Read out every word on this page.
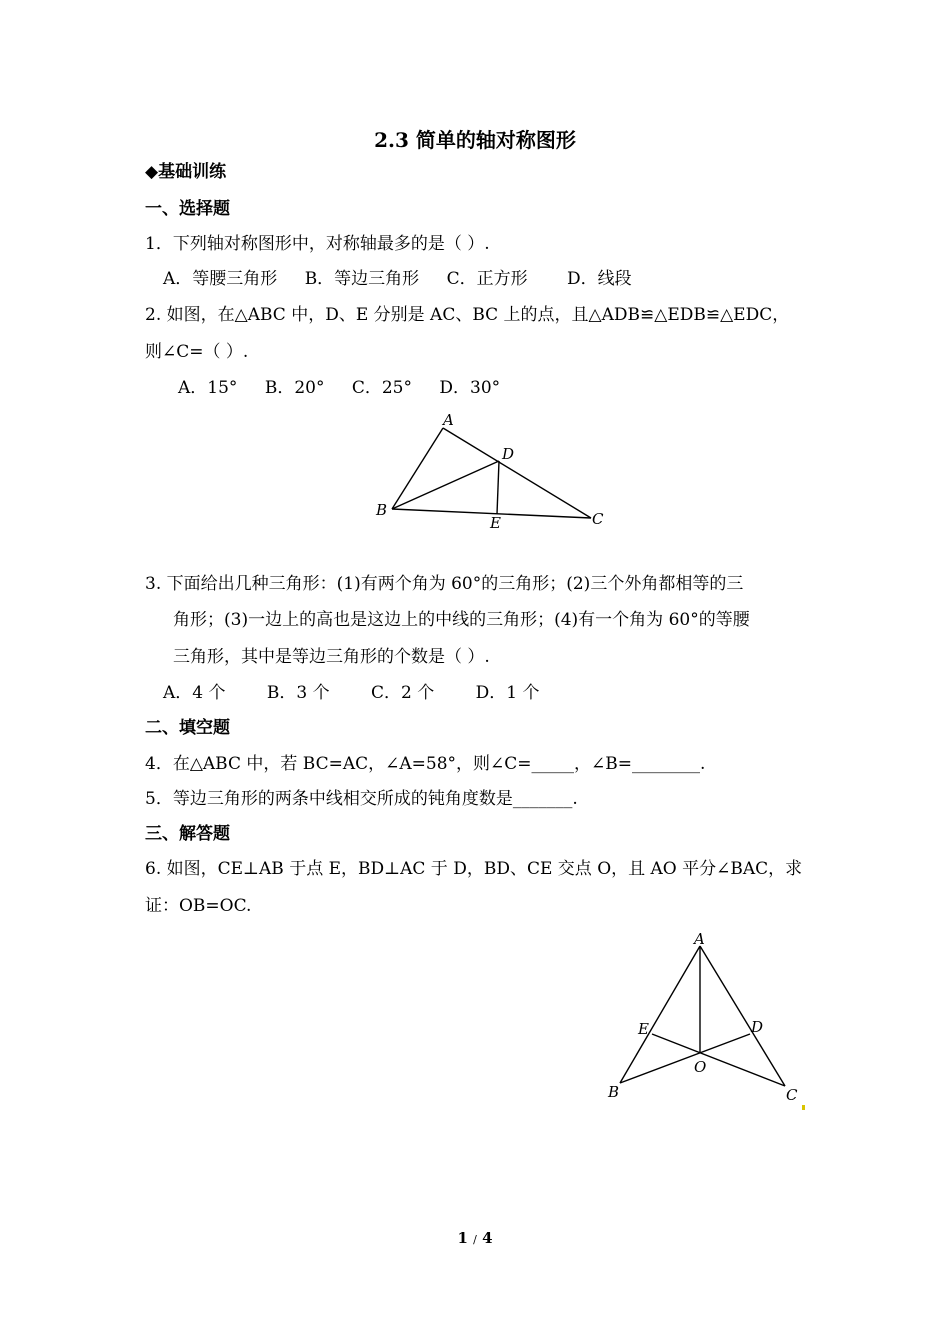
2.3 简单的轴对称图形
◆基础训练
一、选择题
1．下列轴对称图形中，对称轴最多的是（ ）.
A．等腰三角形 B．等边三角形 C．正方形 D．线段
2. 如图，在△ABC 中，D、E 分别是 AC、BC 上的点，且△ADB≌△EDB≌△EDC，
则∠C=（ ）.
A．15° B．20° C．25° D．30°
A
B	C
D
E
3. 下面给出几种三角形：(1)有两个角为 60°的三角形；(2)三个外角都相等的三
角形；(3)一边上的高也是这边上的中线的三角形；(4)有一个角为 60°的等腰
三角形，其中是等边三角形的个数是（ ）.
A．4 个 B．3 个 C．2 个 D．1 个
二、填空题
4．在△ABC 中，若 BC=AC，∠A=58°，则∠C=_____，∠B=________.
5．等边三角形的两条中线相交所成的钝角度数是_______.
三、解答题
6. 如图，CE⊥AB 于点 E，BD⊥AC 于 D，BD、CE 交点 O，且 AO 平分∠BAC，求
证：OB=OC.
A
B	C
D
E
O
1 / 4
